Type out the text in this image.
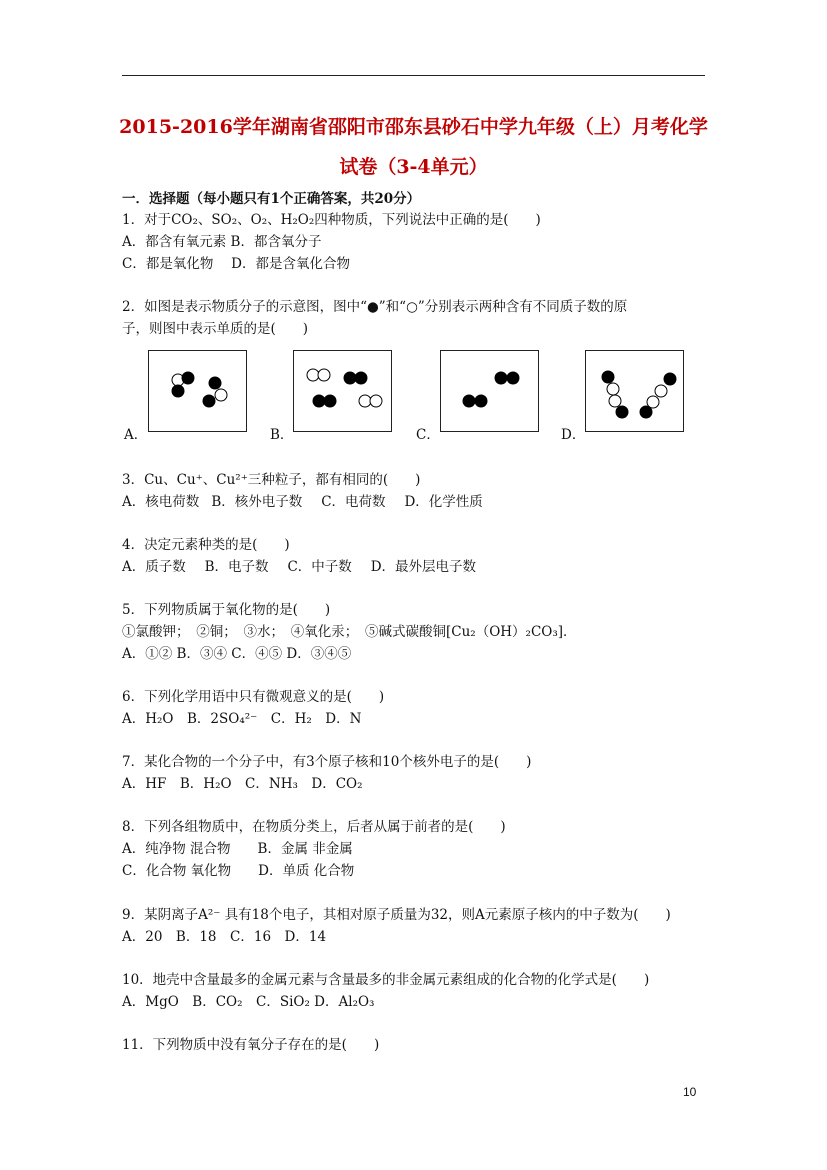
2015-2016学年湖南省邵阳市邵东县砂石中学九年级（上）月考化学
试卷（3-4单元）
一．选择题（每小题只有1个正确答案，共20分）
1．对于CO₂、SO₂、O₂、H₂O₂四种物质，下列说法中正确的是(　　)
A．都含有氧元素 B．都含氧分子
C．都是氧化物　 D．都是含氧化合物
2．如图是表示物质分子的示意图，图中“●”和“○”分别表示两种含有不同质子数的原
子，则图中表示单质的是(　　)
A．	B．	C．	D．
3．Cu、Cu⁺、Cu²⁺三种粒子，都有相同的(　　)
A．核电荷数 B．核外电子数 C．电荷数 D．化学性质
4．决定元素种类的是(　　)
A．质子数 B．电子数 C．中子数 D．最外层电子数
5．下列物质属于氧化物的是(　　)
①氯酸钾；　②铜；　③水；　④氧化汞；　⑤碱式碳酸铜[Cu₂（OH）₂CO₃]．
A．①② B．③④ C．④⑤ D．③④⑤
6．下列化学用语中只有微观意义的是(　　)
A．H₂O　B．2SO₄²⁻　C．H₂　D．N
7．某化合物的一个分子中，有3个原子核和10个核外电子的是(　　)
A．HF　B．H₂O　C．NH₃　D．CO₂
8．下列各组物质中，在物质分类上，后者从属于前者的是(　　)
A．纯净物 混合物　　B．金属 非金属
C．化合物 氧化物　　D．单质 化合物
9．某阴离子A²⁻ 具有18个电子，其相对原子质量为32，则A元素原子核内的中子数为(　　)
A．20　B．18　C．16　D．14
10．地壳中含量最多的金属元素与含量最多的非金属元素组成的化合物的化学式是(　　)
A．MgO　B．CO₂　C．SiO₂ D．Al₂O₃
11．下列物质中没有氧分子存在的是(　　)
10
